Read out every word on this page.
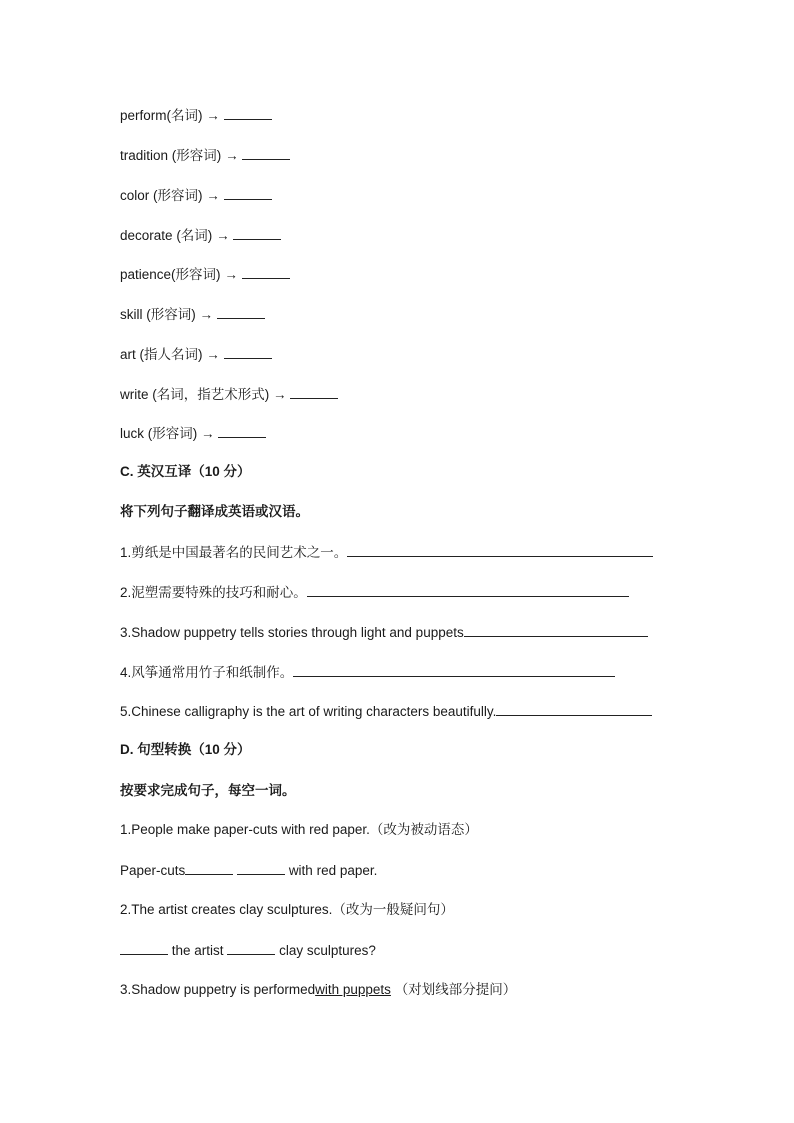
perform(名词) →
tradition (形容词) →
color (形容词) →
decorate (名词) →
patience(形容词) →
skill (形容词) →
art (指人名词) →
write (名词，指艺术形式) →
luck (形容词) →
C. 英汉互译（10 分）
将下列句子翻译成英语或汉语。
1.剪纸是中国最著名的民间艺术之一。
2.泥塑需要特殊的技巧和耐心。
3.Shadow puppetry tells stories through light and puppets
4.风筝通常用竹子和纸制作。
5.Chinese calligraphy is the art of writing characters beautifully.
D. 句型转换（10 分）
按要求完成句子，每空一词。
1.People make paper-cuts with red paper.（改为被动语态）
Paper-cuts	with red paper.
2.The artist creates clay sculptures.（改为一般疑问句）
the artist	clay sculptures?
3.Shadow puppetry is performedwith puppets （对划线部分提问）
